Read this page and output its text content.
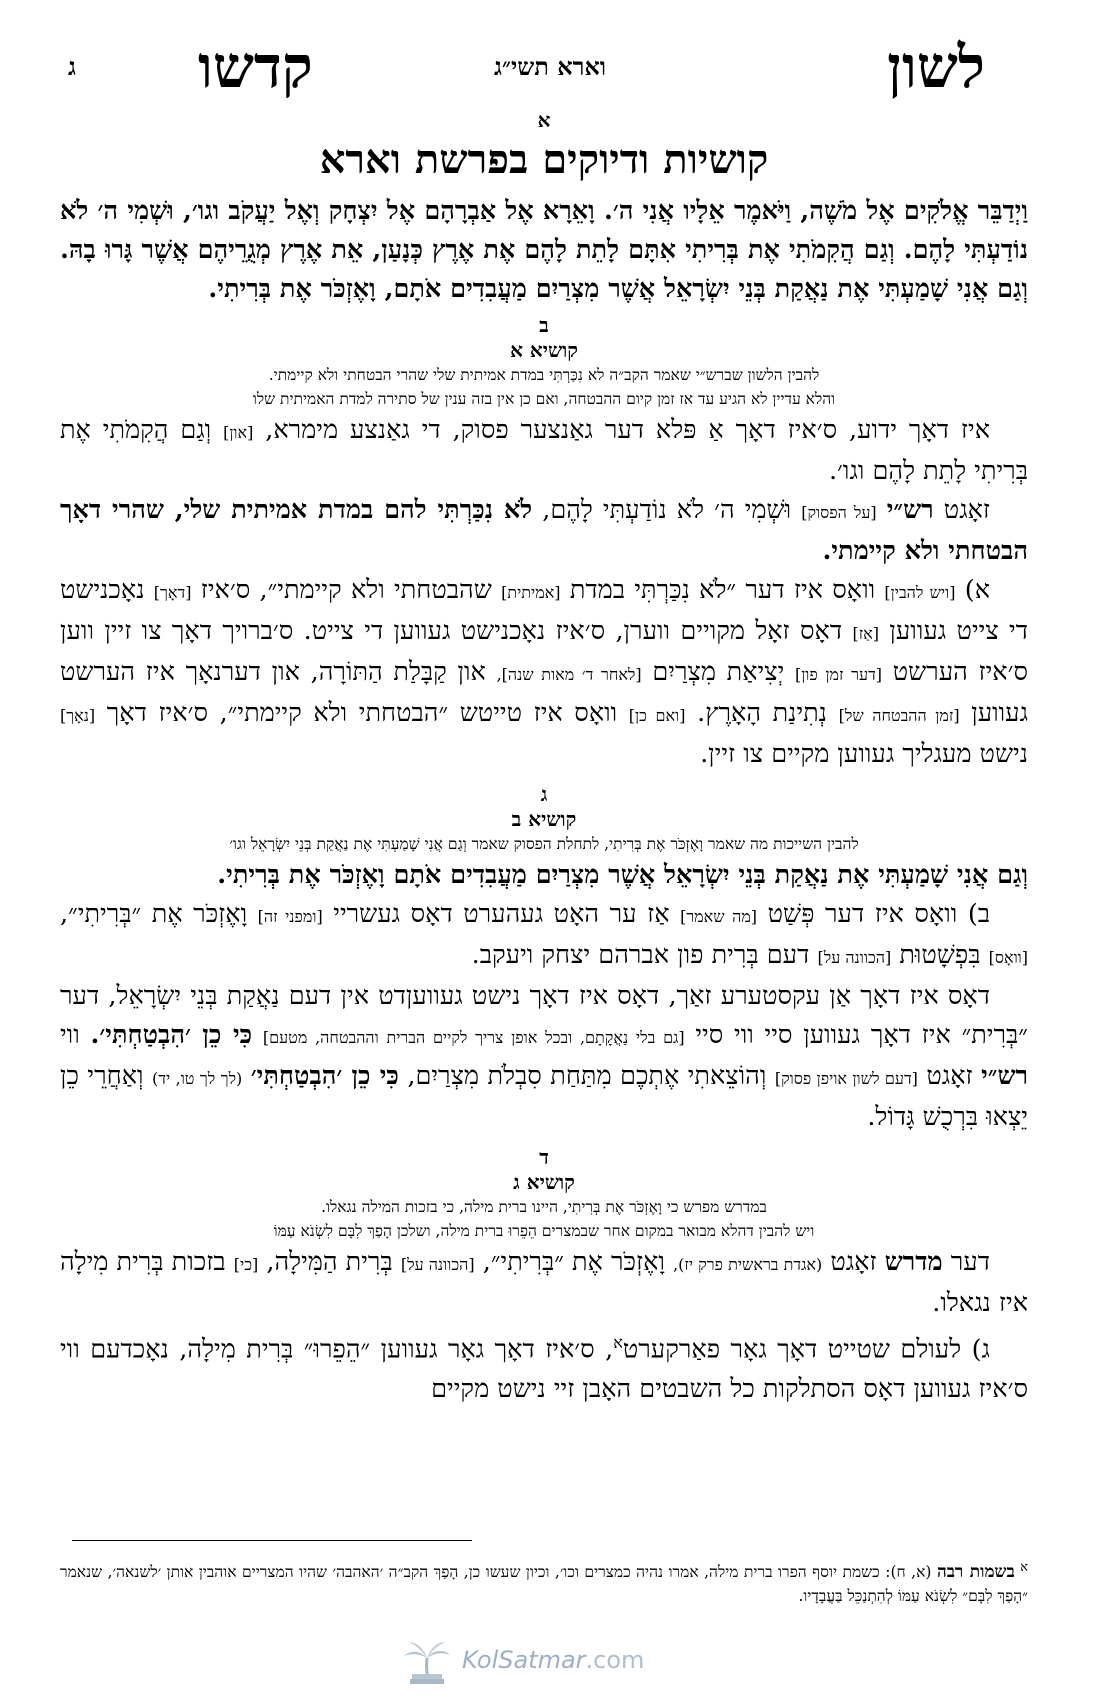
לשון
וארא תשי״ג
קדשו
ג
א
קושיות ודיוקים בפרשת וארא

וַיְדַבֵּר אֱלֹקִים אֶל מֹשֶׁה, וַיֹּאמֶר אֵלָיו אֲנִי ה׳. וָאֵרָא אֶל אַבְרָהָם אֶל יִצְחָק וְאֶל יַעֲקֹב וגו׳, וּשְׁמִי ה׳ לֹא נוֹדַעְתִּי לָהֶם. וְגַם הֲקִמֹתִי אֶת בְּרִיתִי אִתָּם לָתֵת לָהֶם אֶת אֶרֶץ כְּנָעַן, אֵת אֶרֶץ מְגֻרֵיהֶם אֲשֶׁר גָּרוּ בָהּ. וְגַם אֲנִי שָׁמַעְתִּי אֶת נַאֲקַת בְּנֵי יִשְׂרָאֵל אֲשֶׁר מִצְרַיִם מַעֲבִדִים אֹתָם, וָאֶזְכֹּר אֶת בְּרִיתִי.

ב
קושיא א
להבין הלשון שברש״י שאמר הקב״ה לא נִכַּרְתִּי במדת אמיתית שלי שהרי הבטחתי ולא קיימתי.
והלא עדיין לא הגיע עד אז זמן קיום ההבטחה, ואם כן אין בזה ענין של סתירה למדת האמיתית שלו

איז דאָך ידוע, ס׳איז דאָך אַ פּלא דער גאַנצער פסוק, די גאַנצע מימרא, [און] וְגַם הֲקִמֹתִי אֶת בְּרִיתִי לָתֵת לָהֶם וגו׳.

זאָגט רש״י [על הפסוק] וּשְׁמִי ה׳ לֹא נוֹדַעְתִּי לָהֶם, לֹא נִכַּרְתִּי להם במדת אמיתית שלי, שהרי דאָך הבטחתי ולא קיימתי.

א) [ויש להבין] וואָס איז דער ״לֹא נִכַּרְתִּי במדת [אמיתית] שהבטחתי ולא קיימתי״, ס׳איז [דאָך] נאָכנישט די צייט געווען [אַז] דאָס זאָל מקויים ווערן, ס׳איז נאָכנישט געווען די צייט. ס׳ברויך דאָך צו זיין ווען ס׳איז הערשט [דער זמן פון] יְצִיאַת מִצְרַיִם [לאחר ד׳ מאות שנה], און קַבָּלַת הַתּוֹרָה, און דערנאָך איז הערשט געווען [זמן ההבטחה של] נְתִינַת הָאָרֶץ. [ואם כן] וואָס איז טייטש ״הבטחתי ולא קיימתי״, ס׳איז דאָך [נאָך] נישט מעגליך געווען מקיים צו זיין.

ג
קושיא ב
להבין השייכות מה שאמר וָאֶזְכֹּר אֶת בְּרִיתִי, לתחלת הפסוק שאמר וְגַם אֲנִי שָׁמַעְתִּי אֶת נַאֲקַת בְּנֵי יִשְׂרָאֵל וגו׳

וְגַם אֲנִי שָׁמַעְתִּי אֶת נַאֲקַת בְּנֵי יִשְׂרָאֵל אֲשֶׁר מִצְרַיִם מַעֲבִדִים אֹתָם וָאֶזְכֹּר אֶת בְּרִיתִי.

ב) וואָס איז דער פְּשַׁט [מה שאמר] אַז ער האָט געהערט דאָס געשריי [ומפני זה] וָאֶזְכֹּר אֶת ״בְּרִיתִי״, [וואָס] בִּפְשָׁטוּת [הכוונה על] דעם בְּרִית פון אברהם יצחק ויעקב.

דאָס איז דאָך אַן עקסטערע זאַך, דאָס איז דאָך נישט געוועןדט אין דעם נַאֲקַת בְּנֵי יִשְׂרָאֵל, דער ״בְּרִית״ איז דאָך געווען סיי ווי סיי [גם בלי נַאֲקָתָם, ובכל אופן צריך לקיים הברית וההבטחה, מטעם] כִּי כֵן ׳הִבְטַחְתִּי׳. ווי רש״י זאָגט [דעם לשון אויפן פסוק] וְהוֹצֵאתִי אֶתְכֶם מִתַּחַת סִבְלֹת מִצְרַיִם, כִּי כֵן ׳הִבְטַחְתִּי׳ (לך לך טו, יד) וְאַחֲרֵי כֵן יֵצְאוּ בִּרְכֻשׁ גָּדוֹל.

ד
קושיא ג
במדרש מפרש כי וָאֶזְכֹּר אֶת בְּרִיתִי, היינו ברית מילה, כי בזכות המילה נגאלו.
ויש להבין דהלא מבואר במקום אחר שבמצרים הֵפֵרוּ ברית מילה, ושלכן הָפַךְ לִבָּם לִשְׂנֹא עַמּוֹ

דער מדרש זאָגט (אגדת בראשית פרק יז), וָאֶזְכֹּר אֶת ״בְּרִיתִי״, [הכוונה על] בְּרִית הַמִּילָה, [כי] בזכות בְּרִית מִילָה איז נגאלו.

ג) לעולם שטייט דאָך גאָר פאַרקערט$^א$, ס׳איז דאָך גאָר געווען ״הֵפֵרוּ״ בְּרִית מִילָה, נאָכדעם ווי ס׳איז געווען דאָס הסתלקות כל השבטים האָבן זיי נישט מקיים

$^א$ בשמות רבה (א, ח): כשמת יוסף הפרו ברית מילה, אמרו נהיה כמצרים וכו׳, וכיון שעשו כן, הָפַךְ הקב״ה ׳האהבה׳ שהיו המצריים אוהבין אותן ׳לשנאה׳, שנאמר ״הָפַךְ לִבָּם״ לִשְׂנֹא עַמּוֹ לְהִתְנַכֵּל בַּעֲבָדָיו.
KolSatmar.com
